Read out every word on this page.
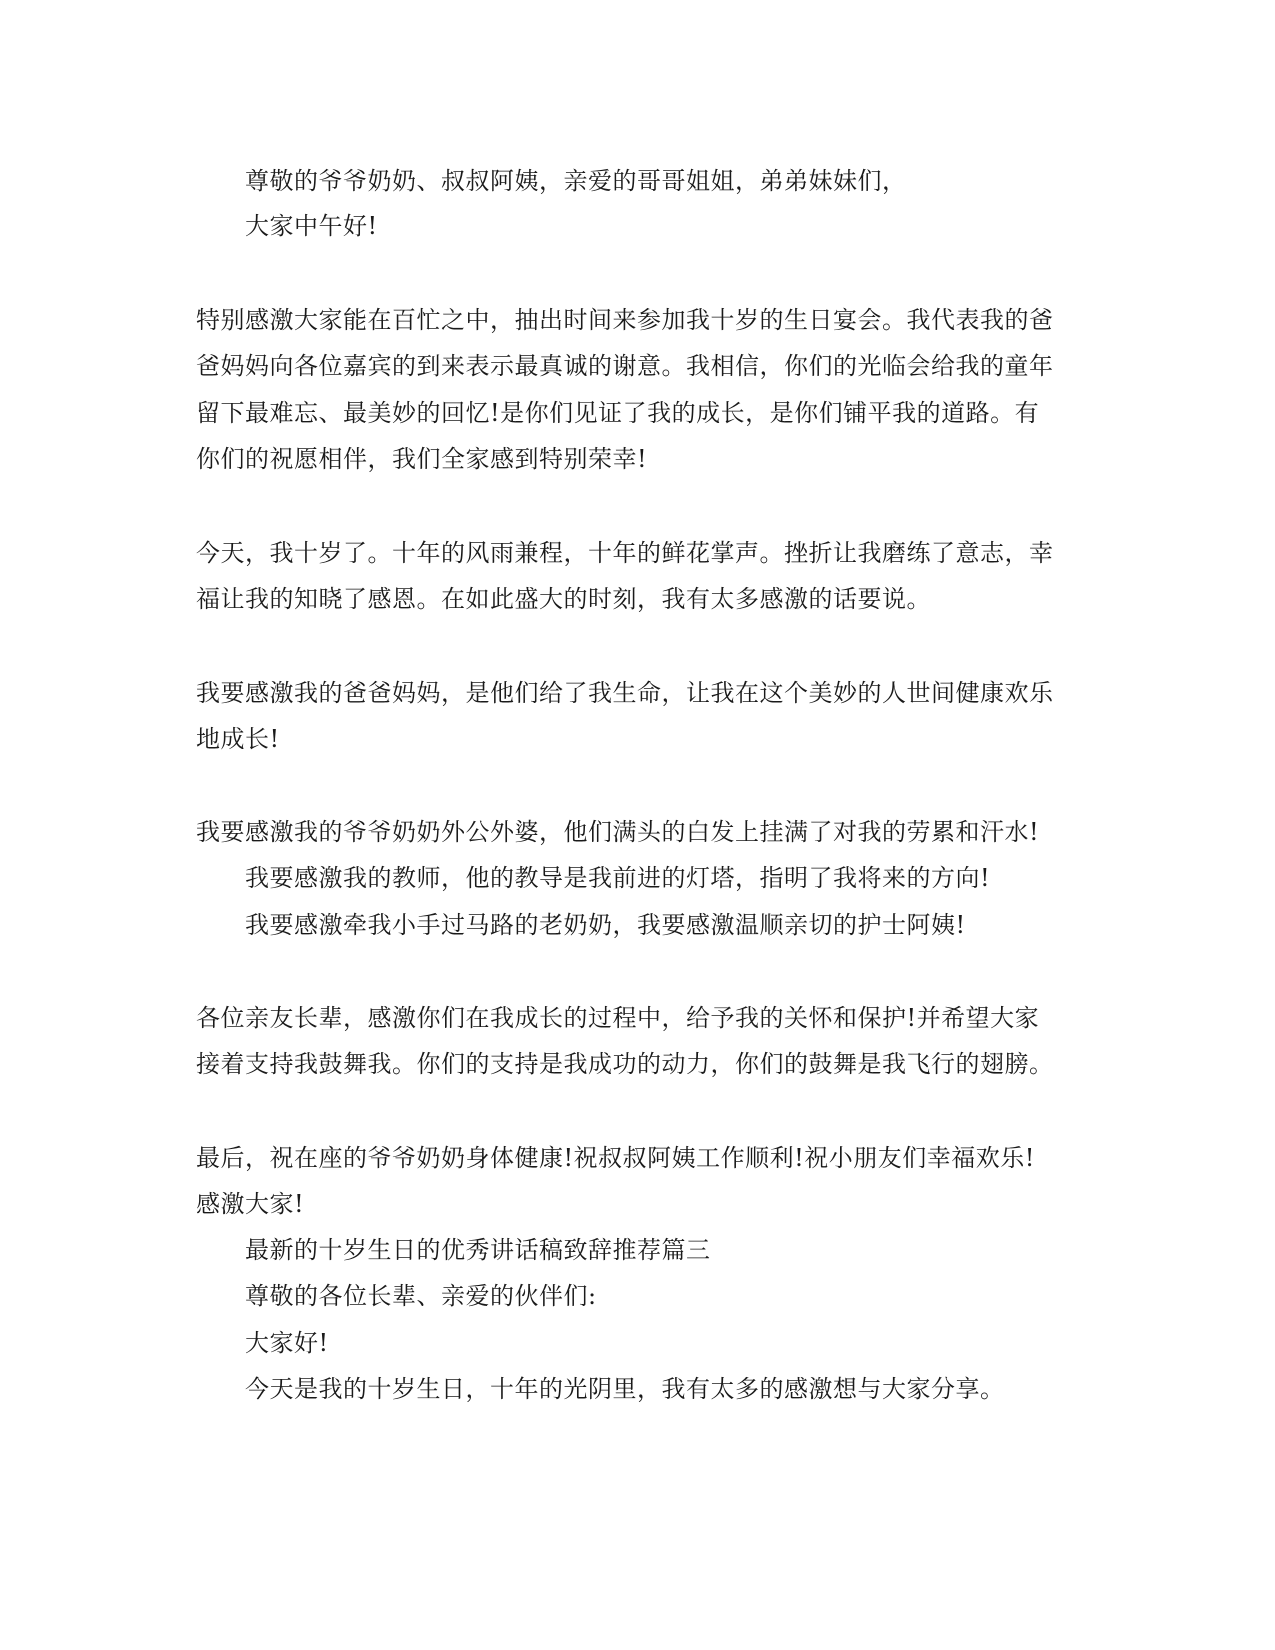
尊敬的爷爷奶奶、叔叔阿姨，亲爱的哥哥姐姐，弟弟妹妹们，
大家中午好!
特别感激大家能在百忙之中，抽出时间来参加我十岁的生日宴会。我代表我的爸
爸妈妈向各位嘉宾的到来表示最真诚的谢意。我相信，你们的光临会给我的童年
留下最难忘、最美妙的回忆!是你们见证了我的成长，是你们铺平我的道路。有
你们的祝愿相伴，我们全家感到特别荣幸!
今天，我十岁了。十年的风雨兼程，十年的鲜花掌声。挫折让我磨练了意志，幸
福让我的知晓了感恩。在如此盛大的时刻，我有太多感激的话要说。
我要感激我的爸爸妈妈，是他们给了我生命，让我在这个美妙的人世间健康欢乐
地成长!
我要感激我的爷爷奶奶外公外婆，他们满头的白发上挂满了对我的劳累和汗水!
我要感激我的教师，他的教导是我前进的灯塔，指明了我将来的方向!
我要感激牵我小手过马路的老奶奶，我要感激温顺亲切的护士阿姨!
各位亲友长辈，感激你们在我成长的过程中，给予我的关怀和保护!并希望大家
接着支持我鼓舞我。你们的支持是我成功的动力，你们的鼓舞是我飞行的翅膀。
最后，祝在座的爷爷奶奶身体健康!祝叔叔阿姨工作顺利!祝小朋友们幸福欢乐!
感激大家!
最新的十岁生日的优秀讲话稿致辞推荐篇三
尊敬的各位长辈、亲爱的伙伴们:
大家好!
今天是我的十岁生日，十年的光阴里，我有太多的感激想与大家分享。
